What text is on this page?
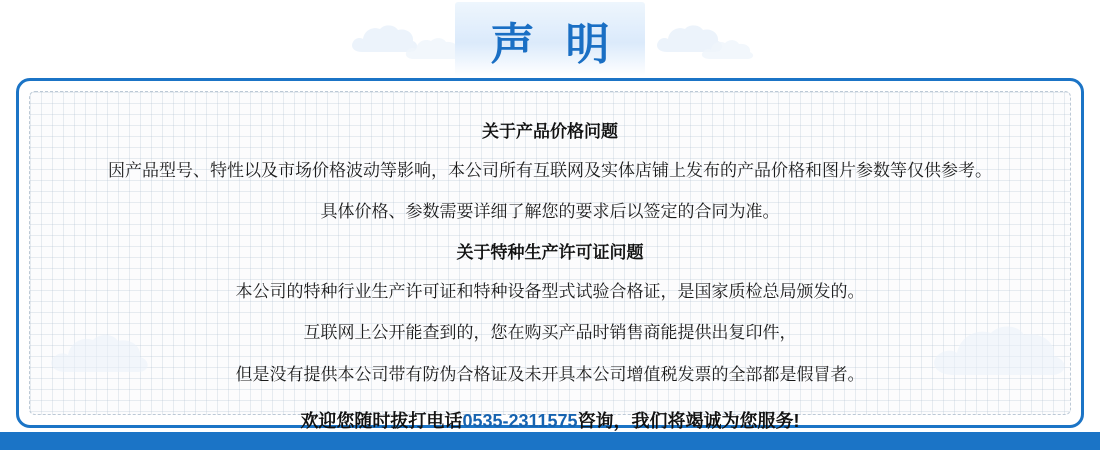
声 明
关于产品价格问题
因产品型号、特性以及市场价格波动等影响，本公司所有互联网及实体店铺上发布的产品价格和图片参数等仅供参考。
具体价格、参数需要详细了解您的要求后以签定的合同为准。
关于特种生产许可证问题
本公司的特种行业生产许可证和特种设备型式试验合格证，是国家质检总局颁发的。
互联网上公开能查到的，您在购买产品时销售商能提供出复印件，
但是没有提供本公司带有防伪合格证及未开具本公司增值税发票的全部都是假冒者。
欢迎您随时拔打电话0535-2311575咨询，我们将竭诚为您服务!
